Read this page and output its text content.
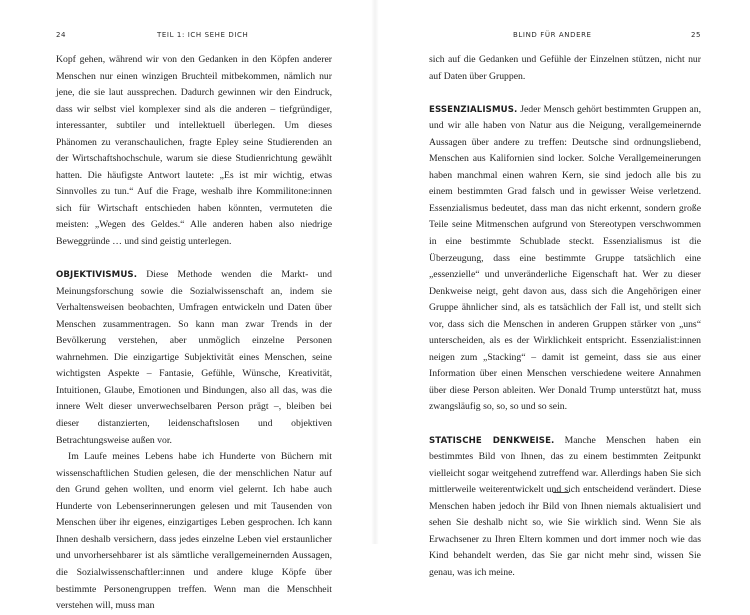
24	TEIL 1: ICH SEHE DICH

Kopf gehen, während wir von den Gedanken in den Köpfen anderer Menschen nur einen winzigen Bruchteil mitbekommen, nämlich nur jene, die sie laut aussprechen. Dadurch gewinnen wir den Eindruck, dass wir selbst viel komplexer sind als die anderen – tiefgründiger, interessanter, subtiler und intellektuell überlegen. Um dieses Phänomen zu veranschaulichen, fragte Epley seine Studierenden an der Wirtschaftshochschule, warum sie diese Studienrichtung gewählt hatten. Die häufigste Antwort lautete: „Es ist mir wichtig, etwas Sinnvolles zu tun.“ Auf die Frage, weshalb ihre Kommilitone:innen sich für Wirtschaft entschieden haben könnten, vermuteten die meisten: „Wegen des Geldes.“ Alle anderen haben also niedrige Beweggründe … und sind geistig unterlegen.

OBJEKTIVISMUS. Diese Methode wenden die Markt- und Meinungsforschung sowie die Sozialwissenschaft an, indem sie Verhaltensweisen beobachten, Umfragen entwickeln und Daten über Menschen zusammentragen. So kann man zwar Trends in der Bevölkerung verstehen, aber unmöglich einzelne Personen wahrnehmen. Die einzigartige Subjektivität eines Menschen, seine wichtigsten Aspekte – Fantasie, Gefühle, Wünsche, Kreativität, Intuitionen, Glaube, Emotionen und Bindungen, also all das, was die innere Welt dieser unverwechselbaren Person prägt –, bleiben bei dieser distanzierten, leidenschaftslosen und objektiven Betrachtungsweise außen vor.

Im Laufe meines Lebens habe ich Hunderte von Büchern mit wissenschaftlichen Studien gelesen, die der menschlichen Natur auf den Grund gehen wollten, und enorm viel gelernt. Ich habe auch Hunderte von Lebenserinnerungen gelesen und mit Tausenden von Menschen über ihr eigenes, einzigartiges Leben gesprochen. Ich kann Ihnen deshalb versichern, dass jedes einzelne Leben viel erstaunlicher und unvorhersehbarer ist als sämtliche verallgemeinernden Aussagen, die Sozialwissenschaftler:innen und andere kluge Köpfe über bestimmte Personengruppen treffen. Wenn man die Menschheit verstehen will, muss man

BLIND FÜR ANDERE	25

sich auf die Gedanken und Gefühle der Einzelnen stützen, nicht nur auf Daten über Gruppen.

ESSENZIALISMUS. Jeder Mensch gehört bestimmten Gruppen an, und wir alle haben von Natur aus die Neigung, verallgemeinernde Aussagen über andere zu treffen: Deutsche sind ordnungsliebend, Menschen aus Kalifornien sind locker. Solche Verallgemeinerungen haben manchmal einen wahren Kern, sie sind jedoch alle bis zu einem bestimmten Grad falsch und in gewisser Weise verletzend. Essenzialismus bedeutet, dass man das nicht erkennt, sondern große Teile seine Mitmenschen aufgrund von Stereotypen verschwommen in eine bestimmte Schublade steckt. Essenzialismus ist die Überzeugung, dass eine bestimmte Gruppe tatsächlich eine „essenzielle“ und unveränderliche Eigenschaft hat. Wer zu dieser Denkweise neigt, geht davon aus, dass sich die Angehörigen einer Gruppe ähnlicher sind, als es tatsächlich der Fall ist, und stellt sich vor, dass sich die Menschen in anderen Gruppen stärker von „uns“ unterscheiden, als es der Wirklichkeit entspricht. Essenzialist:innen neigen zum „Stacking“ – damit ist gemeint, dass sie aus einer Information über einen Menschen verschiedene weitere Annahmen über diese Person ableiten. Wer Donald Trump unterstützt hat, muss zwangsläufig so, so, so und so sein.

STATISCHE DENKWEISE. Manche Menschen haben ein bestimmtes Bild von Ihnen, das zu einem bestimmten Zeitpunkt vielleicht sogar weitgehend zutreffend war. Allerdings haben Sie sich mittlerweile weiterentwickelt und sich entscheidend verändert. Diese Menschen haben jedoch ihr Bild von Ihnen niemals aktualisiert und sehen Sie deshalb nicht so, wie Sie wirklich sind. Wenn Sie als Erwachsener zu Ihren Eltern kommen und dort immer noch wie das Kind behandelt werden, das Sie gar nicht mehr sind, wissen Sie genau, was ich meine.
